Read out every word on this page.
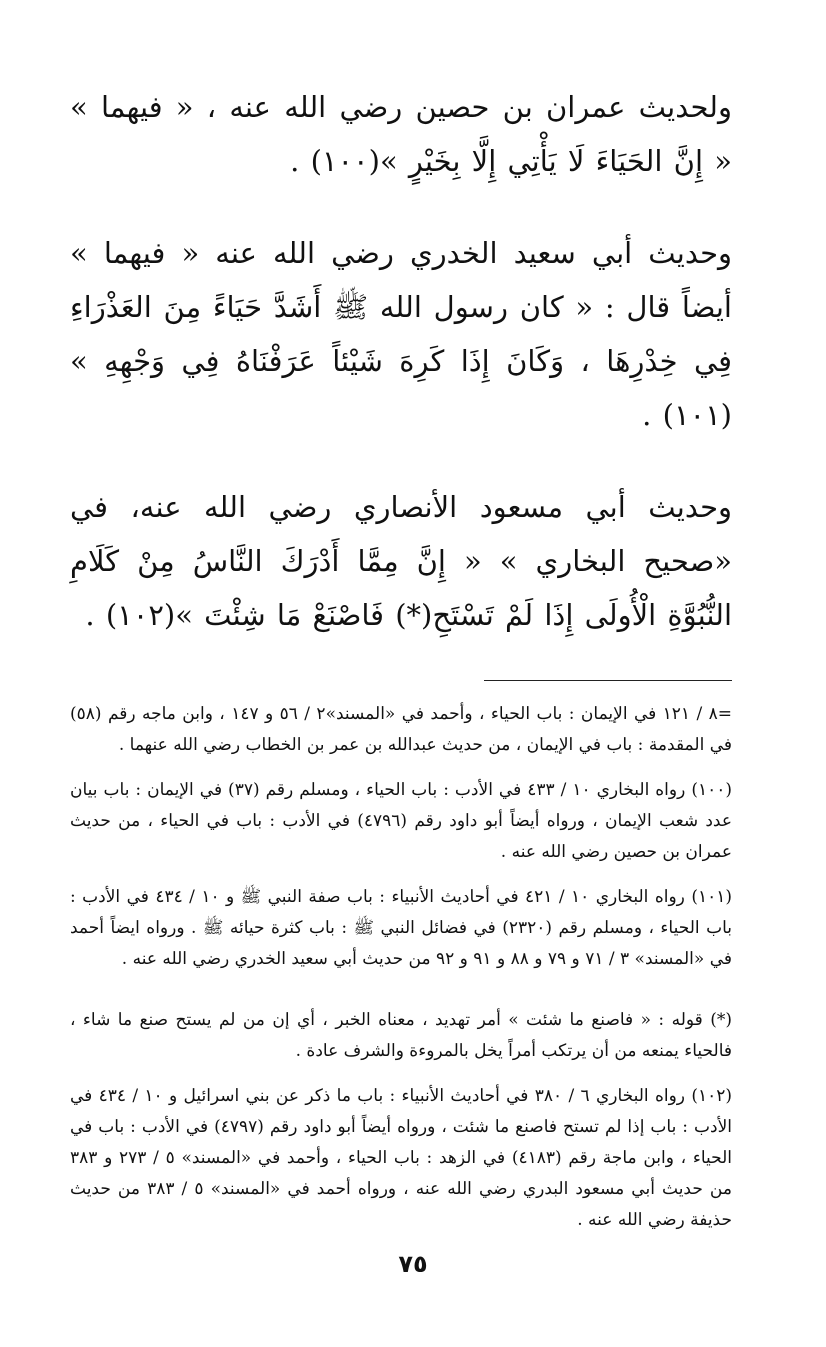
ولحديث عمران بن حصين رضي الله عنه ، « فيهما » « إِنَّ الحَيَاءَ لَا يَأْتِي إِلَّا بِخَيْرٍ »(١٠٠) .

وحديث أبي سعيد الخدري رضي الله عنه « فيهما » أيضاً قال : « كان رسول الله ﷺ أَشَدَّ حَيَاءً مِنَ العَذْرَاءِ فِي خِدْرِهَا ، وَكَانَ إِذَا كَرِهَ شَيْئاً عَرَفْنَاهُ فِي وَجْهِهِ » (١٠١) .

وحديث أبي مسعود الأنصاري رضي الله عنه، في «صحيح البخاري » « إِنَّ مِمَّا أَدْرَكَ النَّاسُ مِنْ كَلَامِ النُّبُوَّةِ الْأُولَى إِذَا لَمْ تَسْتَحِ(*) فَاصْنَعْ مَا شِئْتَ »(١٠٢) .

=٨ / ١٢١ في الإيمان : باب الحياء ، وأحمد في «المسند»٢ / ٥٦ و ١٤٧ ، وابن ماجه رقم (٥٨) في المقدمة : باب في الإيمان ، من حديث عبدالله بن عمر بن الخطاب رضي الله عنهما .

(١٠٠) رواه البخاري ١٠ / ٤٣٣ في الأدب : باب الحياء ، ومسلم رقم (٣٧) في الإيمان : باب بيان عدد شعب الإيمان ، ورواه أيضاً أبو داود رقم (٤٧٩٦) في الأدب : باب في الحياء ، من حديث عمران بن حصين رضي الله عنه .

(١٠١) رواه البخاري ١٠ / ٤٢١ في أحاديث الأنبياء : باب صفة النبي ﷺ و ١٠ / ٤٣٤ في الأدب : باب الحياء ، ومسلم رقم (٢٣٢٠) في فضائل النبي ﷺ : باب كثرة حيائه ﷺ . ورواه ايضاً أحمد في «المسند» ٣ / ٧١ و ٧٩ و ٨٨ و ٩١ و ٩٢ من حديث أبي سعيد الخدري رضي الله عنه .

(*) قوله : « فاصنع ما شئت » أمر تهديد ، معناه الخبر ، أي إن من لم يستح صنع ما شاء ، فالحياء يمنعه من أن يرتكب أمراً يخل بالمروءة والشرف عادة .

(١٠٢) رواه البخاري ٦ / ٣٨٠ في أحاديث الأنبياء : باب ما ذكر عن بني اسرائيل و ١٠ / ٤٣٤ في الأدب : باب إذا لم تستح فاصنع ما شئت ، ورواه أيضاً أبو داود رقم (٤٧٩٧) في الأدب : باب في الحياء ، وابن ماجة رقم (٤١٨٣) في الزهد : باب الحياء ، وأحمد في «المسند» ٥ / ٢٧٣ و ٣٨٣ من حديث أبي مسعود البدري رضي الله عنه ، ورواه أحمد في «المسند» ٥ / ٣٨٣ من حديث حذيفة رضي الله عنه .

٧٥
